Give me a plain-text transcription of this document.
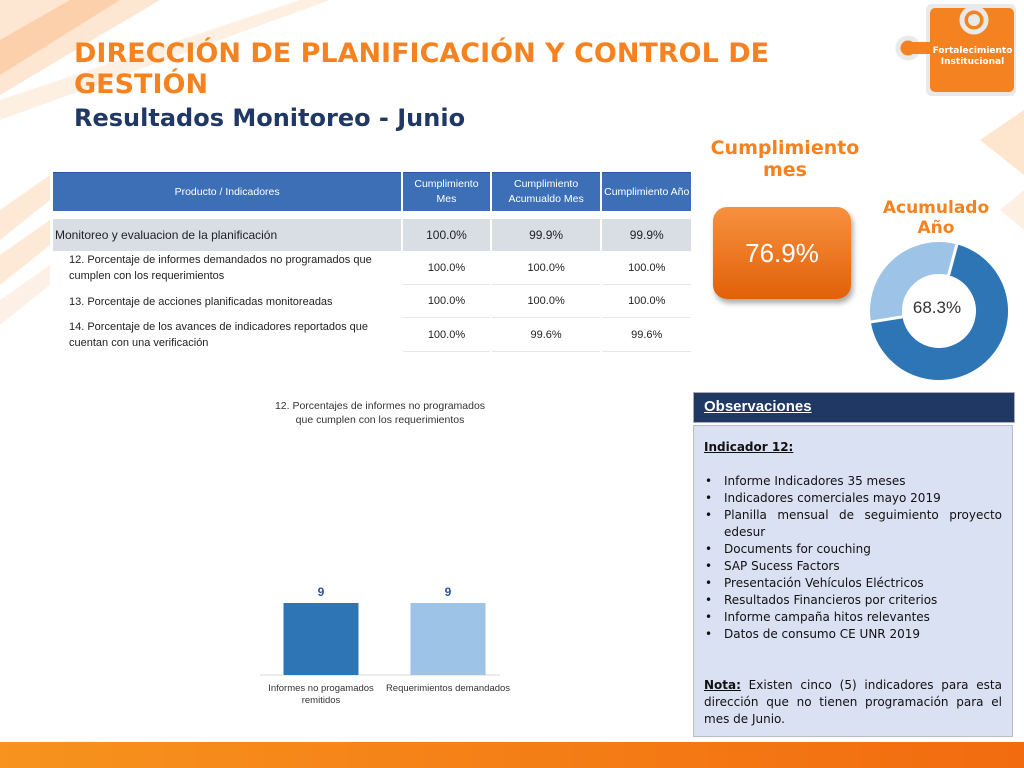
Fortalecimiento
Institucional
DIRECCIÓN DE PLANIFICACIÓN Y CONTROL DE GESTIÓN
Resultados Monitoreo - Junio
Producto / Indicadores	Cumplimiento Mes	Cumplimiento Acumualdo Mes	Cumplimiento Año

Monitoreo y evaluacion de la planificación	100.0%	99.9%	99.9%
12. Porcentaje de informes demandados no programados que cumplen con los requerimientos	100.0%	100.0%	100.0%
13. Porcentaje de acciones planificadas monitoreadas	100.0%	100.0%	100.0%
14. Porcentaje de los avances de indicadores reportados que cuentan con una verificación	100.0%	99.6%	99.6%
Cumplimiento mes
76.9%
Acumulado
Año
68.3%
12. Porcentajes de informes no programados
que cumplen con los requerimientos
9
Informes no progamados
remitidos
9
Requerimientos demandados
Observaciones
Indicador 12:
• Informe Indicadores 35 meses
• Indicadores comerciales mayo 2019
• Planilla mensual de seguimiento proyecto edesur
• Documents for couching
• SAP Sucess Factors
• Presentación Vehículos Eléctricos
• Resultados Financieros por criterios
• Informe campaña hitos relevantes
• Datos de consumo CE UNR 2019
Nota: Existen cinco (5) indicadores para esta dirección que no tienen programación para el mes de Junio.
